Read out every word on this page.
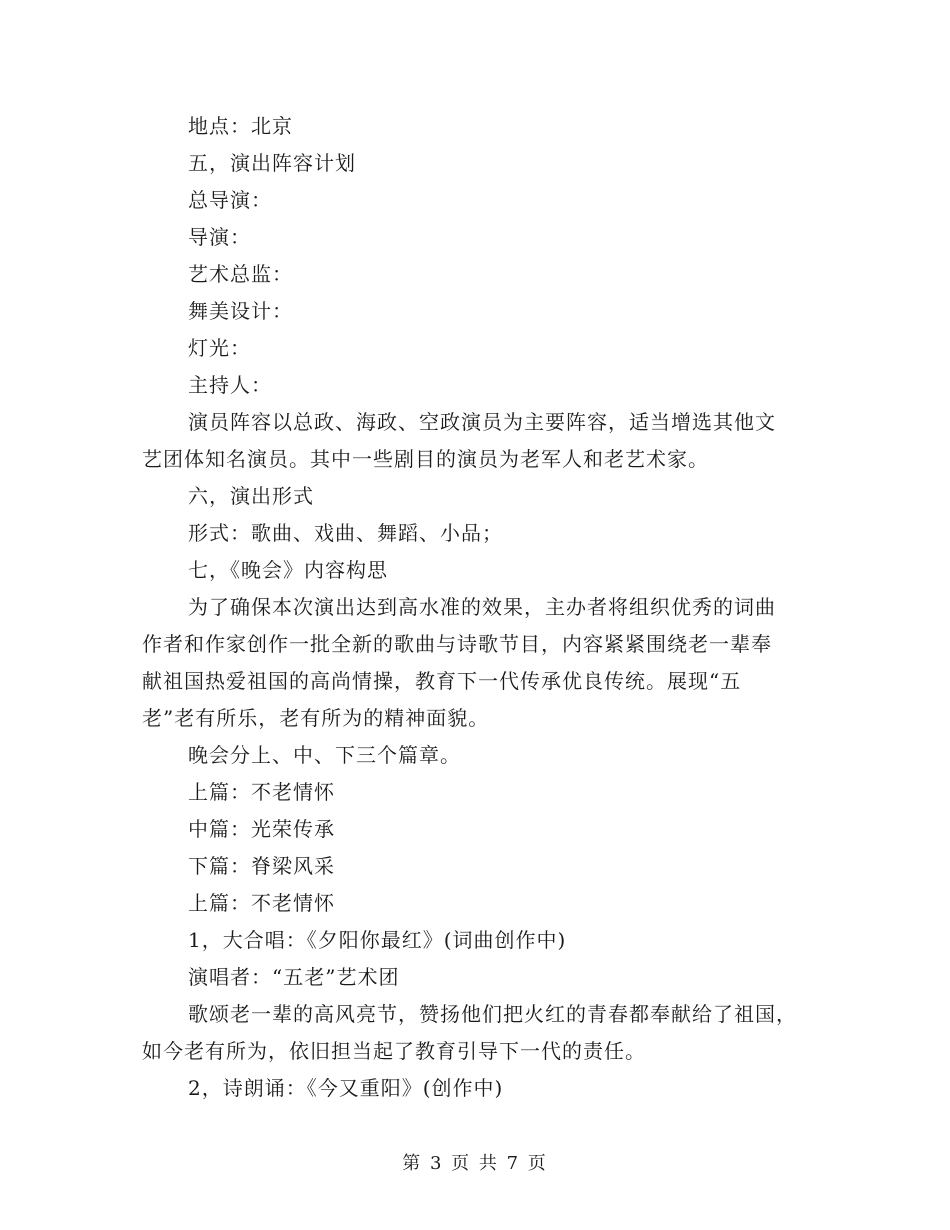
地点：北京
五，演出阵容计划
总导演：
导演：
艺术总监：
舞美设计：
灯光：
主持人：
演员阵容以总政、海政、空政演员为主要阵容，适当增选其他文
艺团体知名演员。其中一些剧目的演员为老军人和老艺术家。
六，演出形式
形式：歌曲、戏曲、舞蹈、小品；
七，《晚会》内容构思
为了确保本次演出达到高水准的效果，主办者将组织优秀的词曲
作者和作家创作一批全新的歌曲与诗歌节目，内容紧紧围绕老一辈奉
献祖国热爱祖国的高尚情操，教育下一代传承优良传统。展现“五
老”老有所乐，老有所为的精神面貌。
晚会分上、中、下三个篇章。
上篇：不老情怀
中篇：光荣传承
下篇：脊梁风采
上篇：不老情怀
1，大合唱：《夕阳你最红》(词曲创作中)
演唱者：“五老”艺术团
歌颂老一辈的高风亮节，赞扬他们把火红的青春都奉献给了祖国，
如今老有所为，依旧担当起了教育引导下一代的责任。
2，诗朗诵：《今又重阳》(创作中)
第 3 页 共 7 页
